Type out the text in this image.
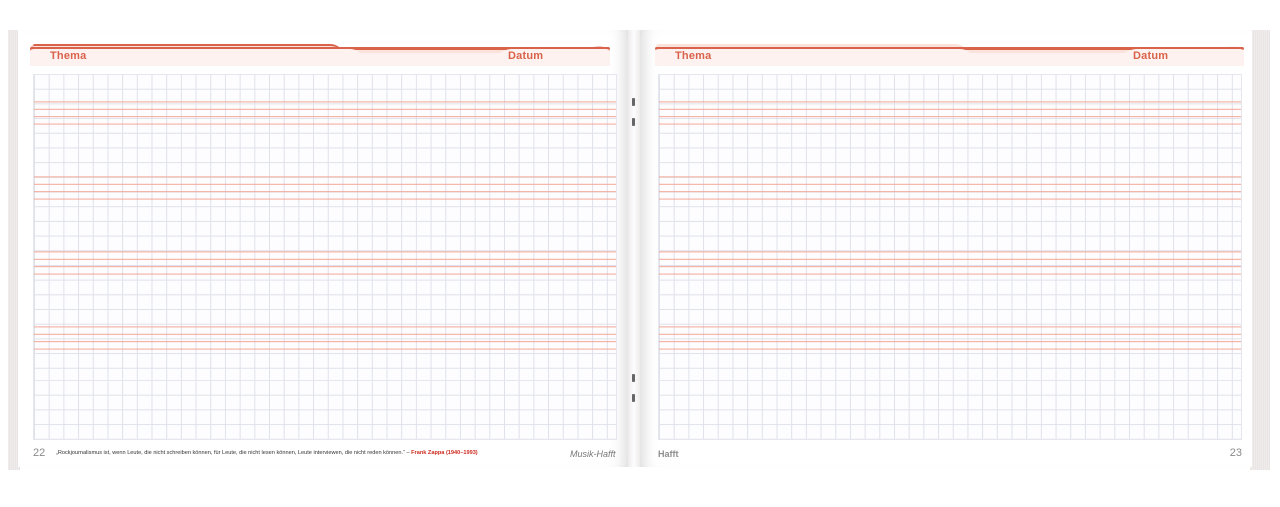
Thema	Datum
22 „Rockjournalismus ist, wenn Leute, die nicht schreiben können, für Leute, die nicht lesen können, Leute interviewen, die nicht reden können.“ – Frank Zappa (1940–1993)	Musik-Hafft
Thema	Datum
Hafft	23
